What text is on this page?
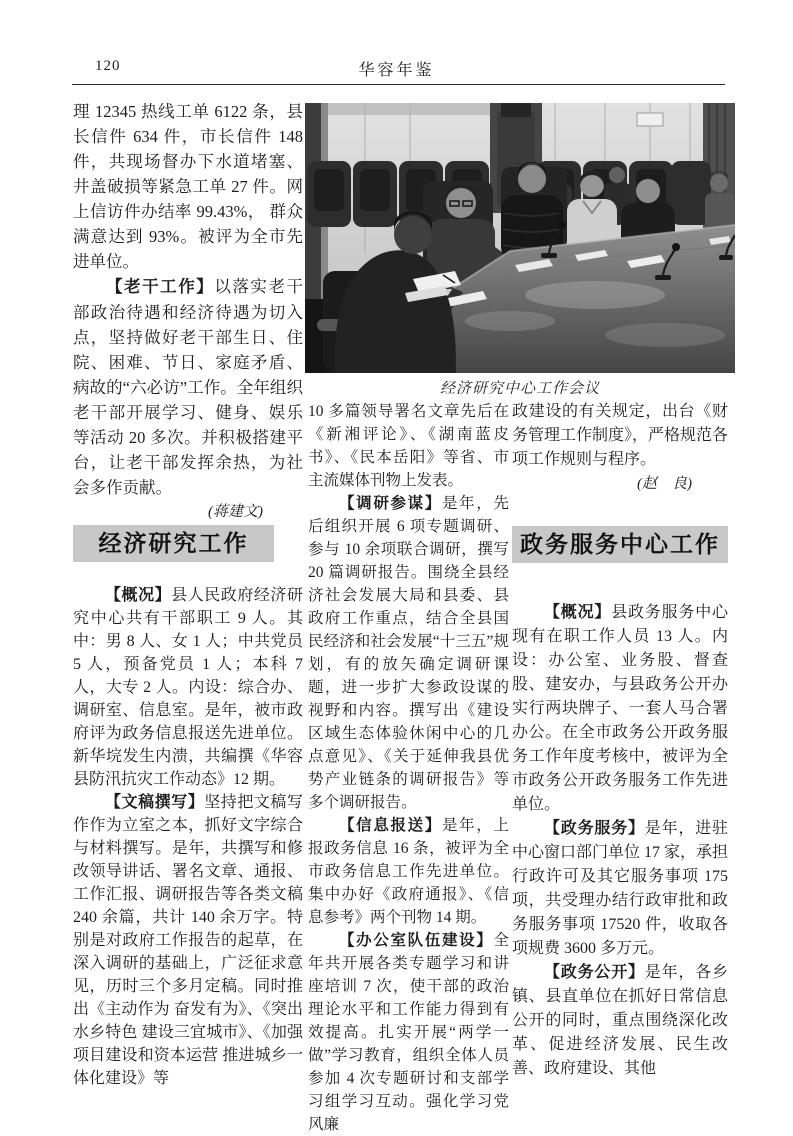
120	华容年鉴

理 12345 热线工单 6122 条，县长信件 634 件，市长信件 148 件，共现场督办下水道堵塞、井盖破损等紧急工单 27 件。网上信访件办结率 99.43%， 群众满意达到 93%。被评为全市先进单位。

【老干工作】以落实老干部政治待遇和经济待遇为切入点，坚持做好老干部生日、住院、困难、节日、家庭矛盾、病故的“六必访”工作。全年组织老干部开展学习、健身、娱乐等活动 20 多次。并积极搭建平台，让老干部发挥余热，为社会多作贡献。

(蒋建文)

经济研究工作

【概况】县人民政府经济研究中心共有干部职工 9 人。其中：男 8 人、女 1 人；中共党员 5 人，预备党员 1 人；本科 7 人，大专 2 人。内设：综合办、调研室、信息室。是年，被市政府评为政务信息报送先进单位。新华垸发生内溃，共编撰《华容县防汛抗灾工作动态》12 期。

【文稿撰写】坚持把文稿写作作为立室之本，抓好文字综合与材料撰写。是年，共撰写和修改领导讲话、署名文章、通报、工作汇报、调研报告等各类文稿 240 余篇，共计 140 余万字。特别是对政府工作报告的起草，在深入调研的基础上，广泛征求意见，历时三个多月定稿。同时推出《主动作为 奋发有为》、《突出水乡特色 建设三宜城市》、《加强项目建设和资本运营 推进城乡一体化建设》等

经济研究中心工作会议

10 多篇领导署名文章先后在《新湘评论》、《湖南蓝皮书》、《民本岳阳》等省、市主流媒体刊物上发表。

【调研参谋】是年，先后组织开展 6 项专题调研、参与 10 余项联合调研，撰写 20 篇调研报告。围绕全县经济社会发展大局和县委、县政府工作重点，结合全县国民经济和社会发展“十三五”规划，有的放矢确定调研课题，进一步扩大参政设谋的视野和内容。撰写出《建设区域生态体验休闲中心的几点意见》、《关于延伸我县优势产业链条的调研报告》等多个调研报告。

【信息报送】是年，上报政务信息 16 条，被评为全市政务信息工作先进单位。集中办好《政府通报》、《信息参考》两个刊物 14 期。

【办公室队伍建设】全年共开展各类专题学习和讲座培训 7 次，使干部的政治理论水平和工作能力得到有效提高。扎实开展“两学一做”学习教育，组织全体人员参加 4 次专题研讨和支部学习组学习互动。强化学习党风廉

政建设的有关规定，出台《财务管理工作制度》，严格规范各项工作规则与程序。

(赵　良)

政务服务中心工作

【概况】县政务服务中心现有在职工作人员 13 人。内设：办公室、业务股、督查股、建安办，与县政务公开办实行两块牌子、一套人马合署办公。在全市政务公开政务服务工作年度考核中，被评为全市政务公开政务服务工作先进单位。

【政务服务】是年，进驻中心窗口部门单位 17 家，承担行政许可及其它服务事项 175 项，共受理办结行政审批和政务服务事项 17520 件，收取各项规费 3600 多万元。

【政务公开】是年，各乡镇、县直单位在抓好日常信息公开的同时，重点围绕深化改革、促进经济发展、民生改善、政府建设、其他
